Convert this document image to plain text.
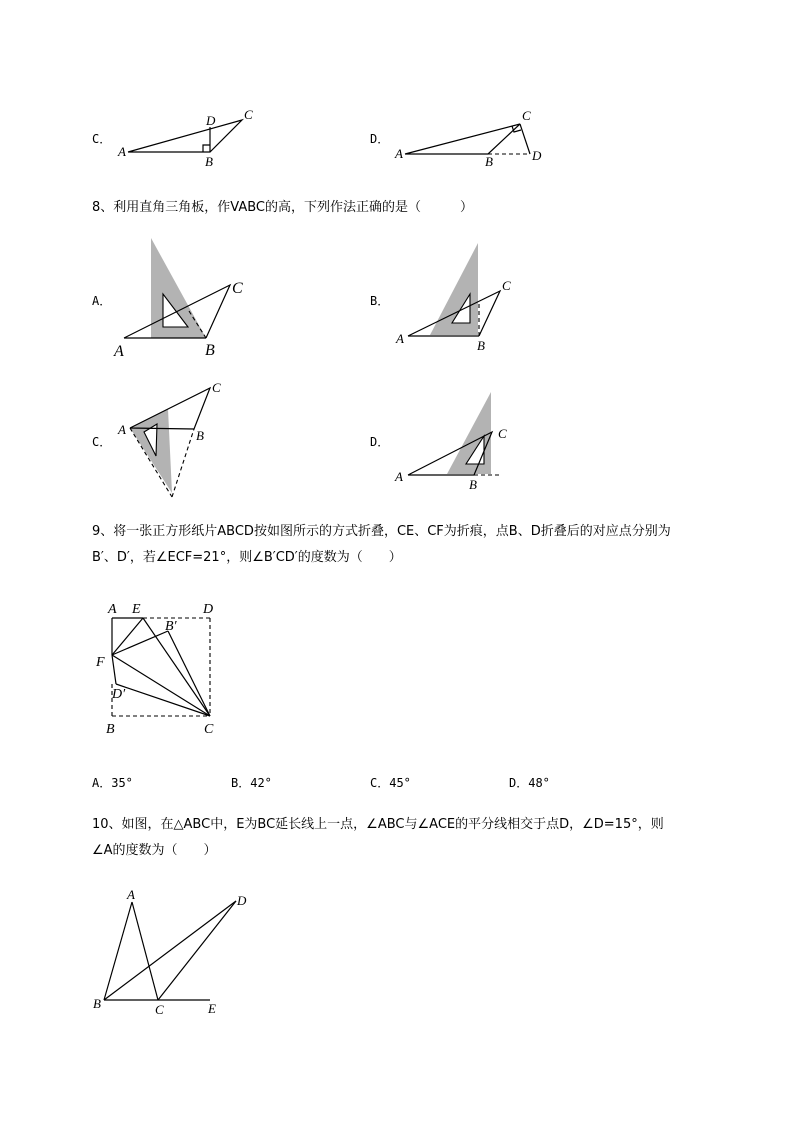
C．	D．
A
B
C
D
A
B
C
D
8、利用直角三角板，作VABC的高，下列作法正确的是（　　　）
A．	B．
C．	D．
A	B
C
A	B
C
A	B
C
A
B
C
9、将一张正方形纸片ABCD按如图所示的方式折叠，CE、CF为折痕，点B、D折叠后的对应点分别为
B′、D′，若∠ECF=21°，则∠B′CD′的度数为（　　）
A E	D
B′
F
D′
B	C
A．35°	B．42°	C．45°	D．48°
10、如图，在△ABC中，E为BC延长线上一点，∠ABC与∠ACE的平分线相交于点D，∠D=15°，则
∠A的度数为（　　）
A
B	C
D
E
